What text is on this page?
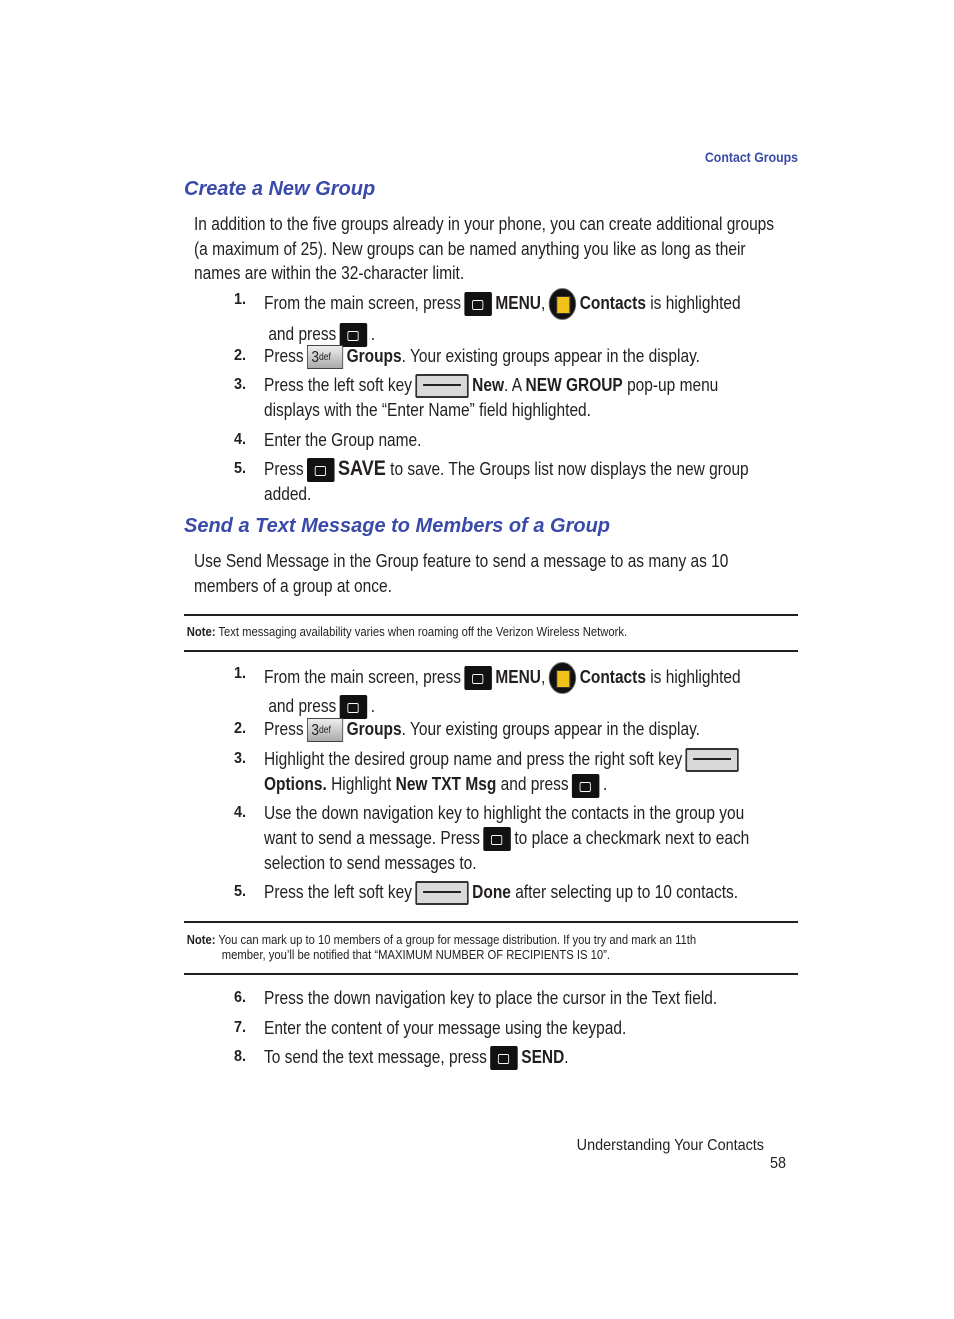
Contact Groups
Create a New Group
In addition to the five groups already in your phone, you can create additional groups
(a maximum of 25). New groups can be named anything you like as long as their
names are within the 32-character limit.
1. From the main screen, press MENU, Contacts is highlighted
and press .
2. Press $3^{def}$ Groups. Your existing groups appear in the display.
3. Press the left soft key	New. A NEW GROUP pop-up menu
displays with the “Enter Name” field highlighted.
4. Enter the Group name.
5. Press SAVE to save. The Groups list now displays the new group
added.
Send a Text Message to Members of a Group
Use Send Message in the Group feature to send a message to as many as 10
members of a group at once.
Note: Text messaging availability varies when roaming off the Verizon Wireless Network.
1. From the main screen, press MENU, Contacts is highlighted
and press .
2. Press $3^{def}$ Groups. Your existing groups appear in the display.
3. Highlight the desired group name and press the right soft key
Options. Highlight New TXT Msg and press .
4. Use the down navigation key to highlight the contacts in the group you
want to send a message. Press to place a checkmark next to each
selection to send messages to.
5. Press the left soft key	Done after selecting up to 10 contacts.
Note: You can mark up to 10 members of a group for message distribution. If you try and mark an 11th
member, you’ll be notified that “MAXIMUM NUMBER OF RECIPIENTS IS 10”.
6. Press the down navigation key to place the cursor in the Text field.
7. Enter the content of your message using the keypad.
8. To send the text message, press SEND.
Understanding Your Contacts  58
